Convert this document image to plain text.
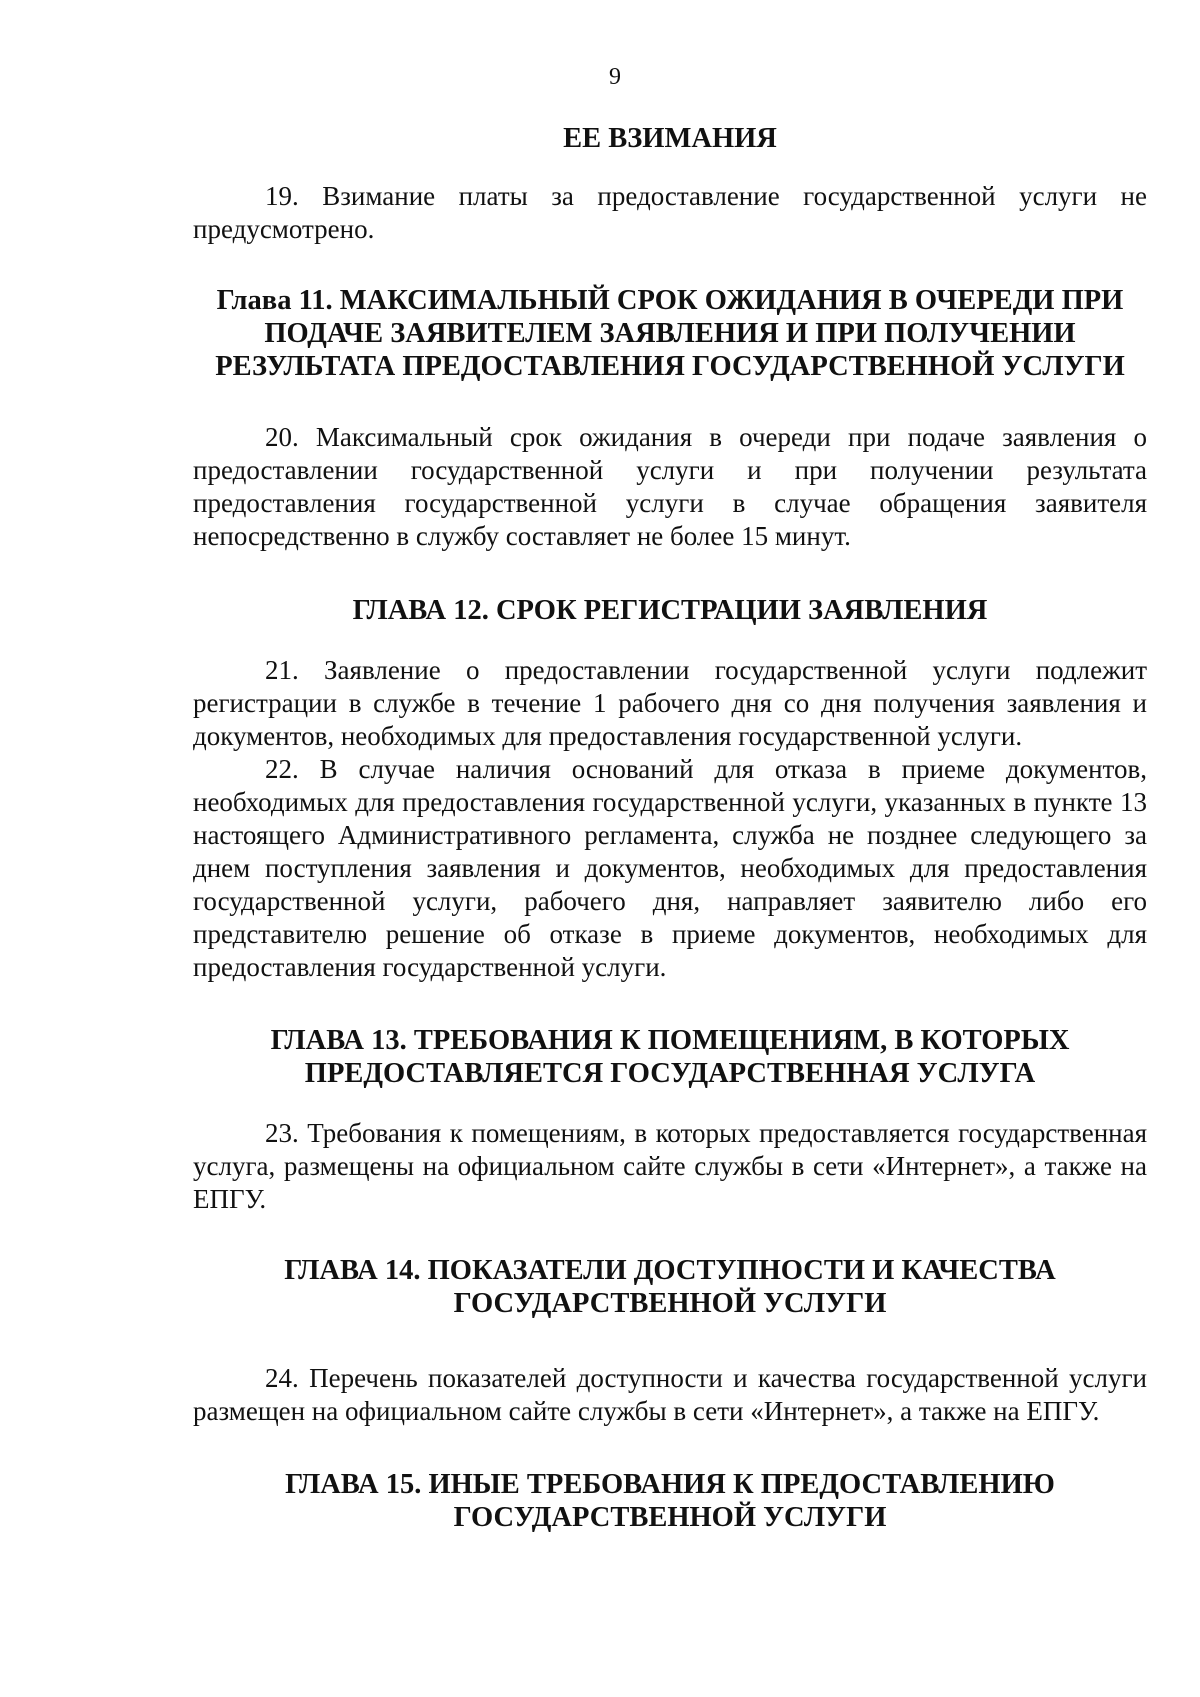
9
ЕЕ ВЗИМАНИЯ

19. Взимание платы за предоставление государственной услуги не предусмотрено.

Глава 11. МАКСИМАЛЬНЫЙ СРОК ОЖИДАНИЯ В ОЧЕРЕДИ ПРИ ПОДАЧЕ ЗАЯВИТЕЛЕМ ЗАЯВЛЕНИЯ И ПРИ ПОЛУЧЕНИИ РЕЗУЛЬТАТА ПРЕДОСТАВЛЕНИЯ ГОСУДАРСТВЕННОЙ УСЛУГИ

20. Максимальный срок ожидания в очереди при подаче заявления о предоставлении государственной услуги и при получении результата предоставления государственной услуги в случае обращения заявителя непосредственно в службу составляет не более 15 минут.

ГЛАВА 12. СРОК РЕГИСТРАЦИИ ЗАЯВЛЕНИЯ

21. Заявление о предоставлении государственной услуги подлежит регистрации в службе в течение 1 рабочего дня со дня получения заявления и документов, необходимых для предоставления государственной услуги.

22. В случае наличия оснований для отказа в приеме документов, необходимых для предоставления государственной услуги, указанных в пункте 13 настоящего Административного регламента, служба не позднее следующего за днем поступления заявления и документов, необходимых для предоставления государственной услуги, рабочего дня, направляет заявителю либо его представителю решение об отказе в приеме документов, необходимых для предоставления государственной услуги.

ГЛАВА 13. ТРЕБОВАНИЯ К ПОМЕЩЕНИЯМ, В КОТОРЫХ ПРЕДОСТАВЛЯЕТСЯ ГОСУДАРСТВЕННАЯ УСЛУГА

23. Требования к помещениям, в которых предоставляется государственная услуга, размещены на официальном сайте службы в сети «Интернет», а также на ЕПГУ.

ГЛАВА 14. ПОКАЗАТЕЛИ ДОСТУПНОСТИ И КАЧЕСТВА ГОСУДАРСТВЕННОЙ УСЛУГИ

24. Перечень показателей доступности и качества государственной услуги размещен на официальном сайте службы в сети «Интернет», а также на ЕПГУ.

ГЛАВА 15. ИНЫЕ ТРЕБОВАНИЯ К ПРЕДОСТАВЛЕНИЮ ГОСУДАРСТВЕННОЙ УСЛУГИ
